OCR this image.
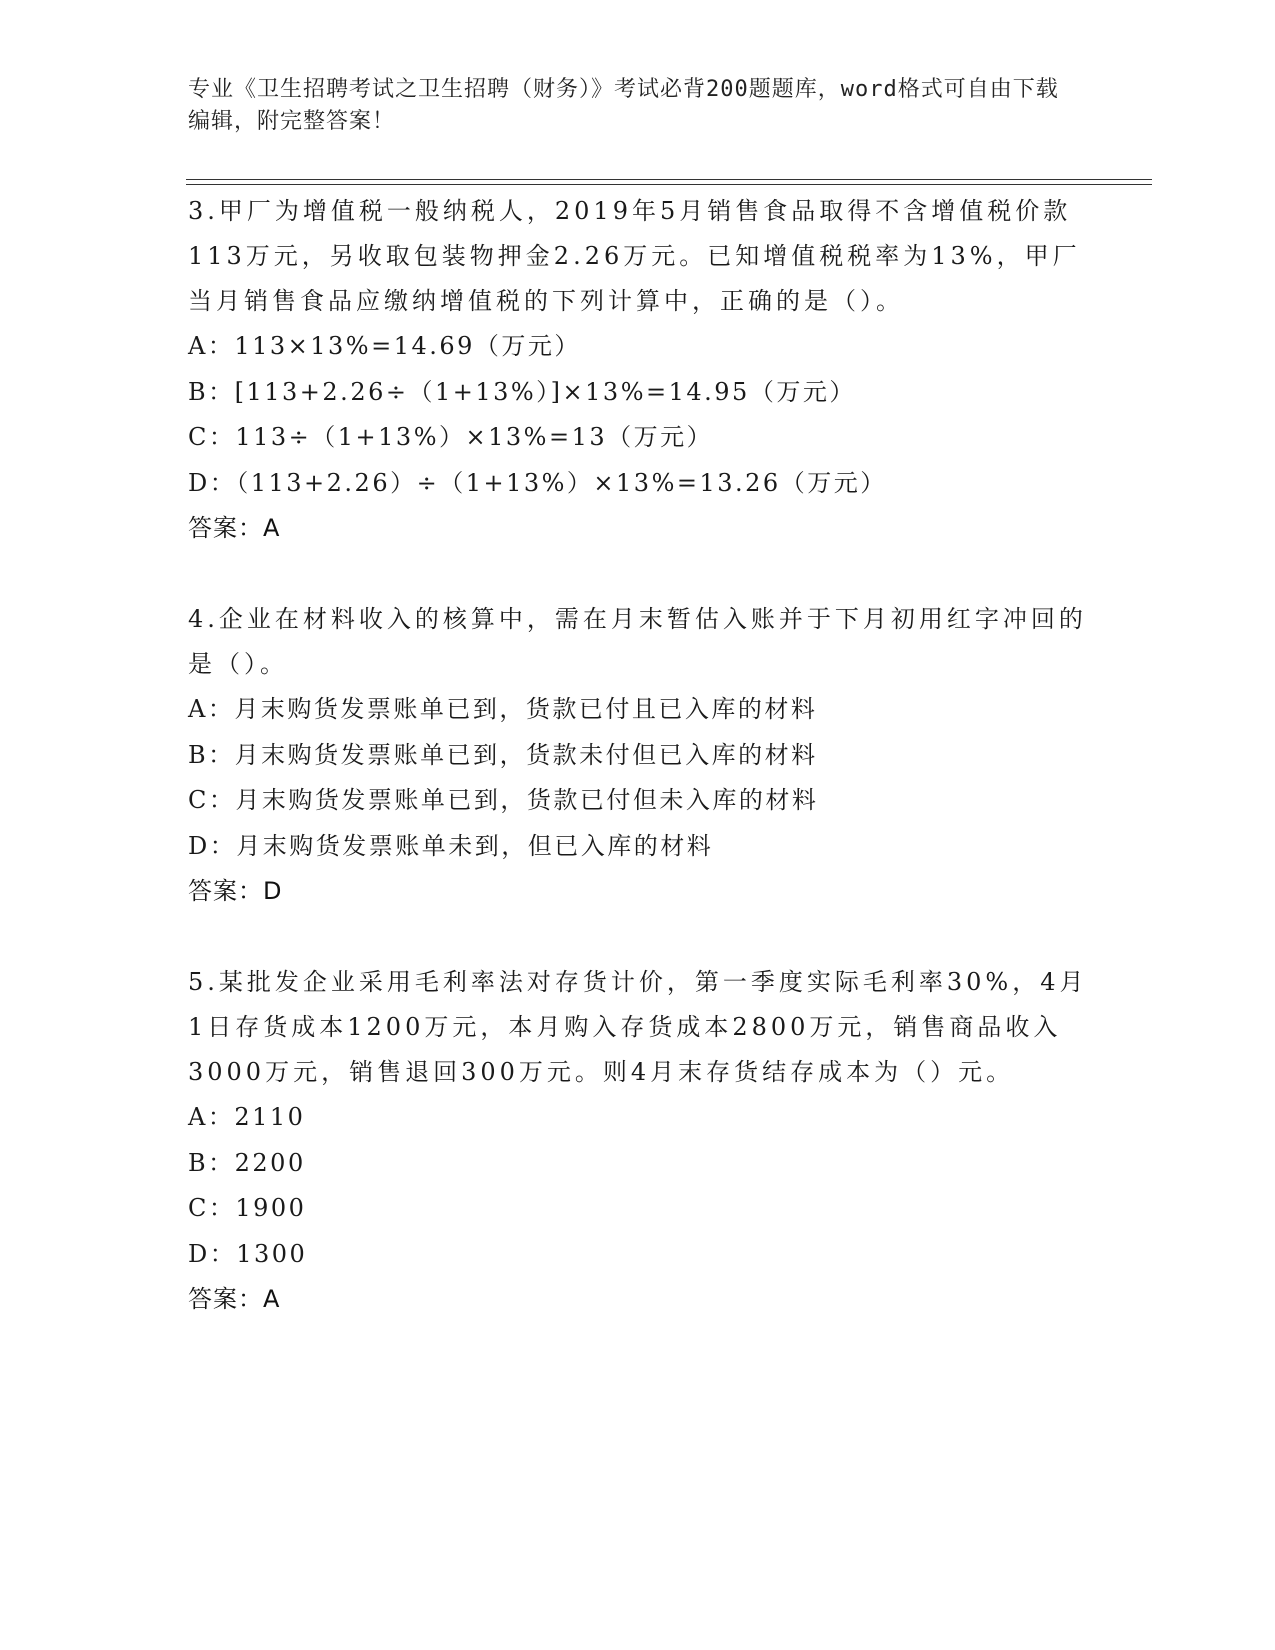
专业《卫生招聘考试之卫生招聘（财务）》考试必背200题题库，word格式可自由下载编辑，附完整答案！

3.甲厂为增值税一般纳税人，2019年5月销售食品取得不含增值税价款113万元，另收取包装物押金2.26万元。已知增值税税率为13%，甲厂当月销售食品应缴纳增值税的下列计算中，正确的是（）。

A：113×13%=14.69（万元）

B：[113+2.26÷（1+13%）]×13%=14.95（万元）

C：113÷（1+13%）×13%=13（万元）

D：（113+2.26）÷（1+13%）×13%=13.26（万元）

答案：A

4.企业在材料收入的核算中，需在月末暂估入账并于下月初用红字冲回的是（）。

A：月末购货发票账单已到，货款已付且已入库的材料

B：月末购货发票账单已到，货款未付但已入库的材料

C：月末购货发票账单已到，货款已付但未入库的材料

D：月末购货发票账单未到，但已入库的材料

答案：D

5.某批发企业采用毛利率法对存货计价，第一季度实际毛利率30%，4月1日存货成本1200万元，本月购入存货成本2800万元，销售商品收入3000万元，销售退回300万元。则4月末存货结存成本为（）元。

A：2110

B：2200

C：1900

D：1300

答案：A
